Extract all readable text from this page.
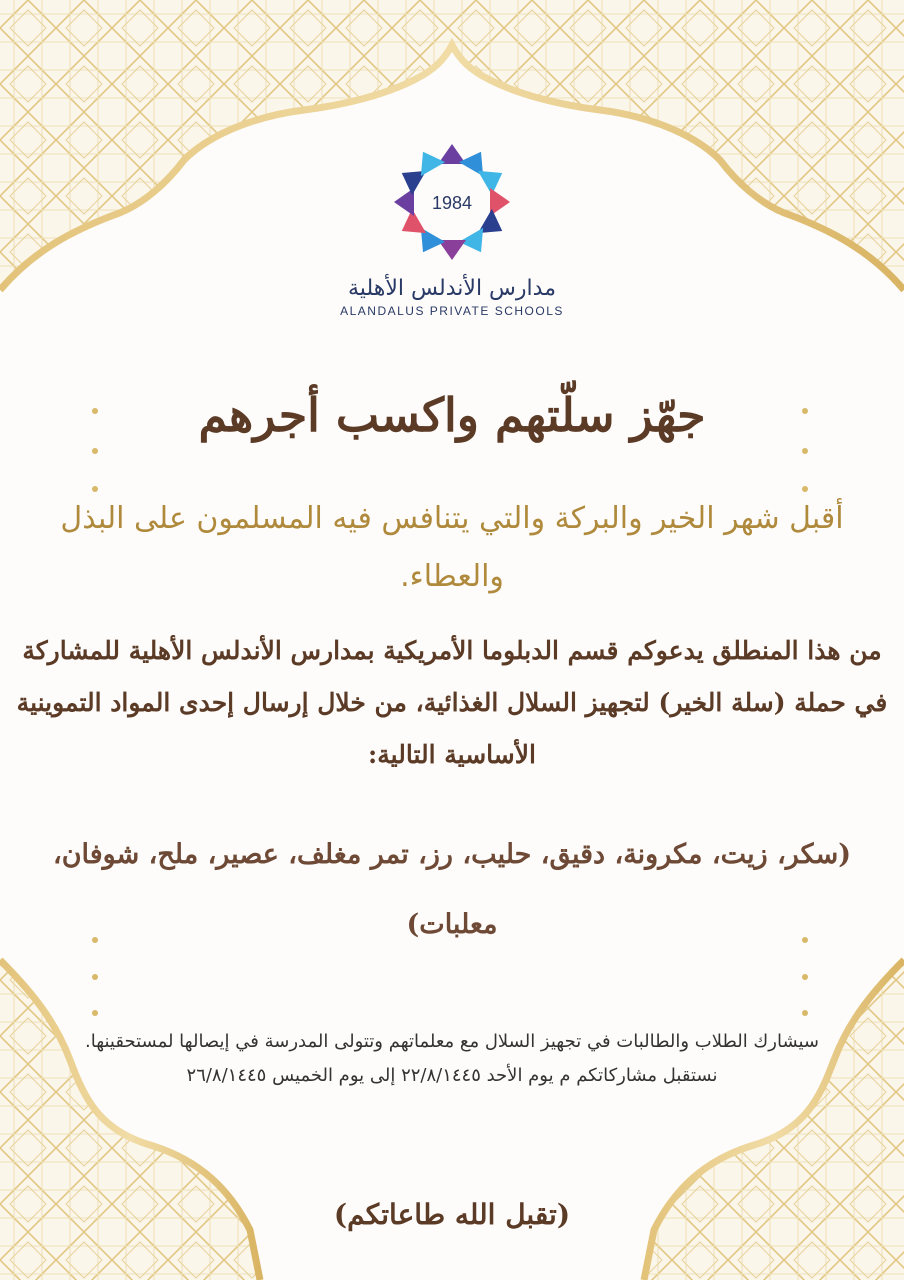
1984
مدارس الأندلس الأهلية
ALANDALUS PRIVATE SCHOOLS
جهّز سلّتهم واكسب أجرهم

أقبل شهر الخير والبركة والتي يتنافس فيه المسلمون على البذل والعطاء.

من هذا المنطلق يدعوكم قسم الدبلوما الأمريكية بمدارس الأندلس الأهلية للمشاركة في حملة (سلة الخير) لتجهيز السلال الغذائية، من خلال إرسال إحدى المواد التموينية الأساسية التالية:

(سكر، زيت، مكرونة، دقيق، حليب، رز، تمر مغلف، عصير، ملح، شوفان، معلبات)

سيشارك الطلاب والطالبات في تجهيز السلال مع معلماتهم وتتولى المدرسة في إيصالها لمستحقينها.
نستقبل مشاركاتكم م يوم الأحد ٢٢/٨/١٤٤٥ إلى يوم الخميس ٢٦/٨/١٤٤٥

(تقبل الله طاعاتكم)
